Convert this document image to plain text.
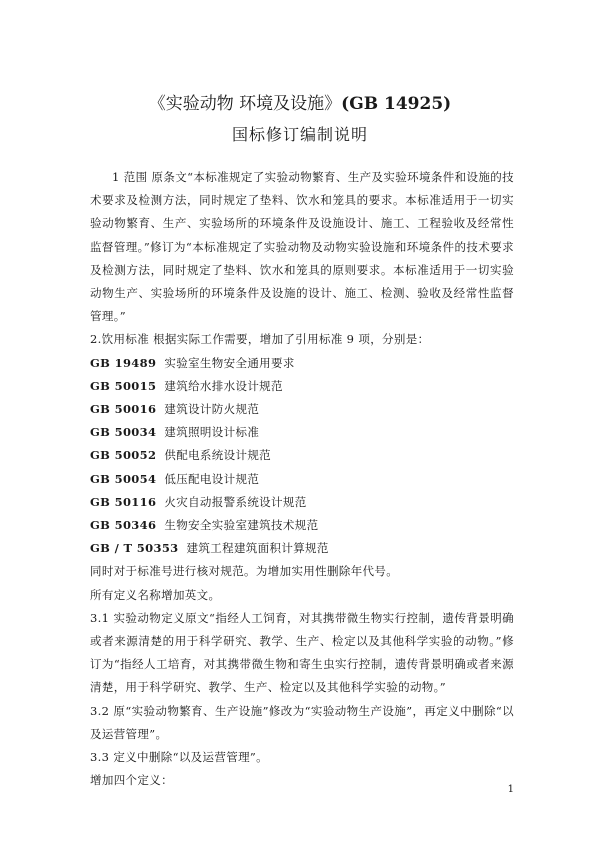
《实验动物 环境及设施》(GB 14925)
国标修订编制说明

1 范围 原条文“本标准规定了实验动物繁育、生产及实验环境条件和设施的技术要求及检测方法，同时规定了垫料、饮水和笼具的要求。本标准适用于一切实验动物繁育、生产、实验场所的环境条件及设施设计、施工、工程验收及经常性监督管理。”修订为“本标准规定了实验动物及动物实验设施和环境条件的技术要求及检测方法，同时规定了垫料、饮水和笼具的原则要求。本标准适用于一切实验动物生产、实验场所的环境条件及设施的设计、施工、检测、验收及经常性监督管理。”

2.饮用标准 根据实际工作需要，增加了引用标准 9 项，分别是：

GB 19489 实验室生物安全通用要求

GB 50015 建筑给水排水设计规范

GB 50016 建筑设计防火规范

GB 50034 建筑照明设计标准

GB 50052 供配电系统设计规范

GB 50054 低压配电设计规范

GB 50116 火灾自动报警系统设计规范

GB 50346 生物安全实验室建筑技术规范

GB / T 50353 建筑工程建筑面积计算规范

同时对于标准号进行核对规范。为增加实用性删除年代号。

所有定义名称增加英文。

3.1 实验动物定义原文“指经人工饲育，对其携带微生物实行控制，遗传背景明确或者来源清楚的用于科学研究、教学、生产、检定以及其他科学实验的动物。”修订为“指经人工培育，对其携带微生物和寄生虫实行控制，遗传背景明确或者来源清楚，用于科学研究、教学、生产、检定以及其他科学实验的动物。”

3.2 原“实验动物繁育、生产设施”修改为“实验动物生产设施”，再定义中删除“以及运营管理”。

3.3 定义中删除“以及运营管理”。

增加四个定义：

1
